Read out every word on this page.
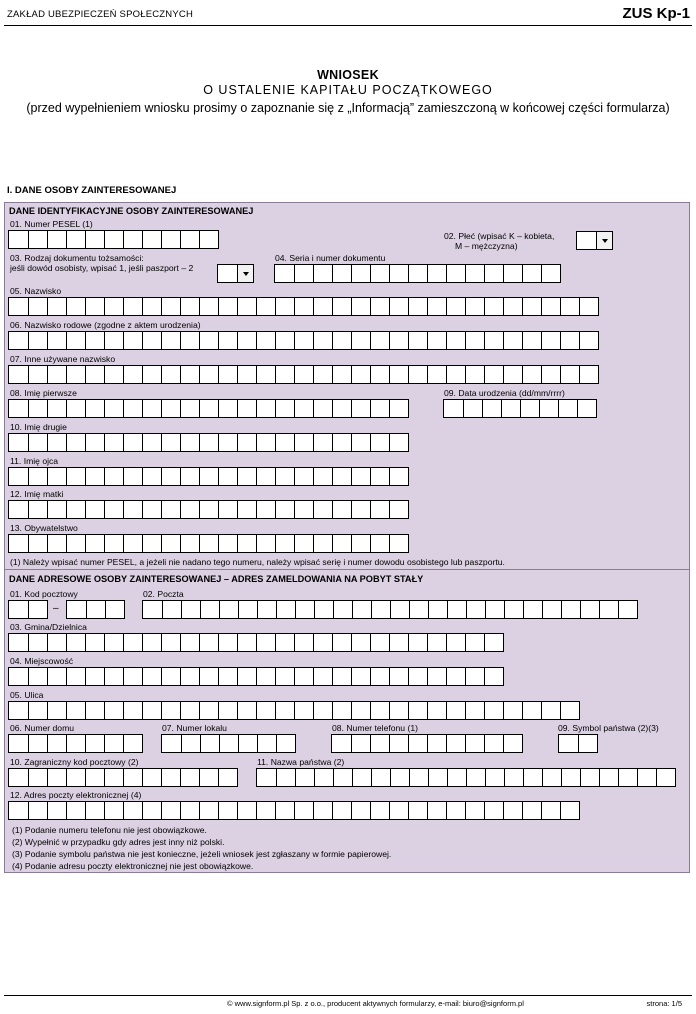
ZAKŁAD UBEZPIECZEŃ SPOŁECZNYCH	ZUS Kp-1
WNIOSEK
O USTALENIE KAPITAŁU POCZĄTKOWEGO
(przed wypełnieniem wniosku prosimy o zapoznanie się z „Informacją” zamieszczoną w końcowej części formularza)
I. DANE OSOBY ZAINTERESOWANEJ
DANE IDENTYFIKACYJNE OSOBY ZAINTERESOWANEJ
01. Numer PESEL (1)
02. Płeć (wpisać K – kobieta,
M – mężczyzna)
03. Rodzaj dokumentu tożsamości:
jeśli dowód osobisty, wpisać 1, jeśli paszport – 2
04. Seria i numer dokumentu
05. Nazwisko
06. Nazwisko rodowe (zgodne z aktem urodzenia)
07. Inne używane nazwisko
08. Imię pierwsze	09. Data urodzenia (dd/mm/rrrr)
10. Imię drugie
11. Imię ojca
12. Imię matki
13. Obywatelstwo
(1) Należy wpisać numer PESEL, a jeżeli nie nadano tego numeru, należy wpisać serię i numer dowodu osobistego lub paszportu.
DANE ADRESOWE OSOBY ZAINTERESOWANEJ – ADRES ZAMELDOWANIA NA POBYT STAŁY
01. Kod pocztowy
–
02. Poczta
03. Gmina/Dzielnica
04. Miejscowość
05. Ulica
06. Numer domu	07. Numer lokalu	08. Numer telefonu (1)	09. Symbol państwa (2)(3)
10. Zagraniczny kod pocztowy (2)	11. Nazwa państwa (2)
12. Adres poczty elektronicznej (4)
(1) Podanie numeru telefonu nie jest obowiązkowe.
(2) Wypełnić w przypadku gdy adres jest inny niż polski.
(3) Podanie symbolu państwa nie jest konieczne, jeżeli wniosek jest zgłaszany w formie papierowej.
(4) Podanie adresu poczty elektronicznej nie jest obowiązkowe.
© www.signform.pl Sp. z o.o., producent aktywnych formularzy, e-mail: biuro@signform.pl	strona: 1/5
